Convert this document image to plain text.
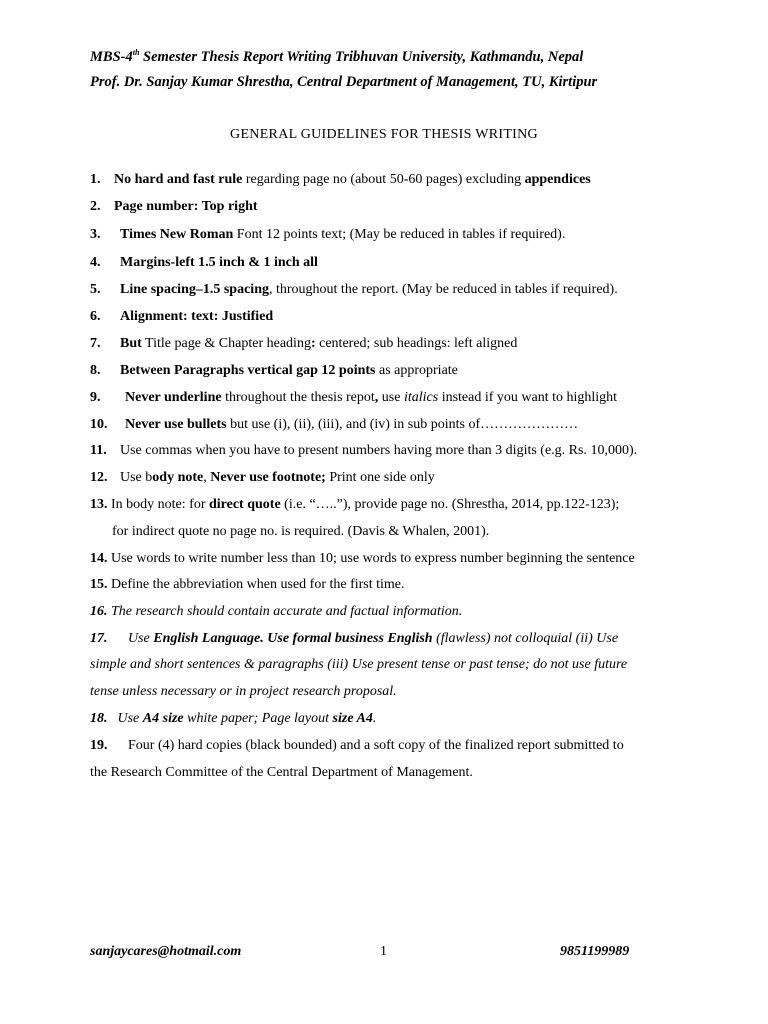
MBS-4th Semester Thesis Report Writing Tribhuvan University, Kathmandu, Nepal
Prof. Dr. Sanjay Kumar Shrestha, Central Department of Management, TU, Kirtipur
GENERAL GUIDELINES FOR THESIS WRITING
1. No hard and fast rule regarding page no (about 50-60 pages) excluding appendices
2. Page number: Top right
3. Times New Roman Font 12 points text; (May be reduced in tables if required).
4. Margins-left 1.5 inch & 1 inch all
5. Line spacing–1.5 spacing, throughout the report. (May be reduced in tables if required).
6. Alignment: text: Justified
7. But Title page & Chapter heading: centered; sub headings: left aligned
8. Between Paragraphs vertical gap 12 points as appropriate
9. Never underline throughout the thesis repot, use italics instead if you want to highlight
10. Never use bullets but use (i), (ii), (iii), and (iv) in sub points of…………………
11. Use commas when you have to present numbers having more than 3 digits (e.g. Rs. 10,000).
12. Use body note, Never use footnote; Print one side only
13. In body note: for direct quote (i.e. “…..”), provide page no. (Shrestha, 2014, pp.122-123);
for indirect quote no page no. is required. (Davis & Whalen, 2001).
14. Use words to write number less than 10; use words to express number beginning the sentence
15. Define the abbreviation when used for the first time.
16. The research should contain accurate and factual information.
17. Use English Language. Use formal business English (flawless) not colloquial (ii) Use
simple and short sentences & paragraphs (iii) Use present tense or past tense; do not use future
tense unless necessary or in project research proposal.
18. Use A4 size white paper; Page layout size A4.
19. Four (4) hard copies (black bounded) and a soft copy of the finalized report submitted to
the Research Committee of the Central Department of Management.
sanjaycares@hotmail.com	1	9851199989
